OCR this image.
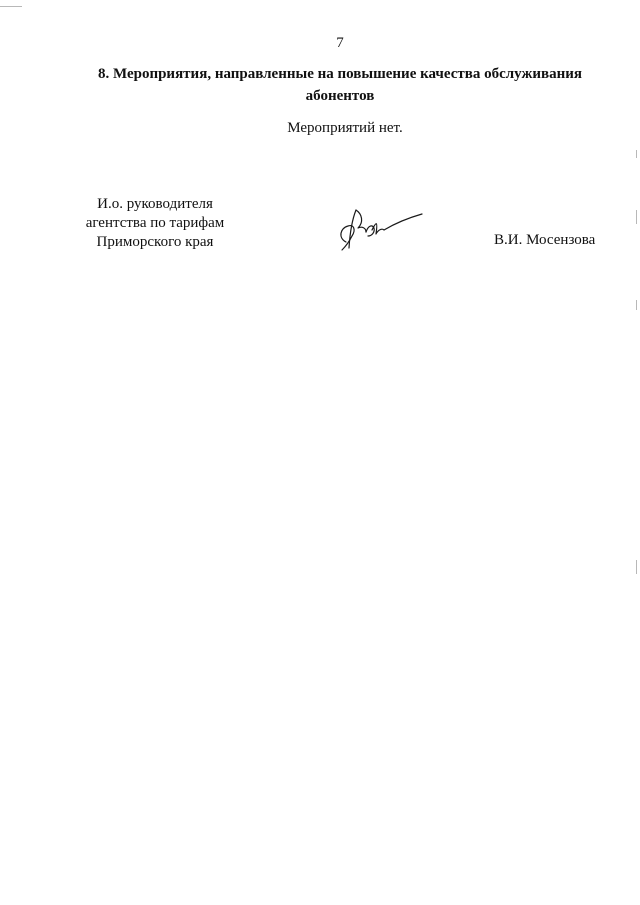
7
8. Мероприятия, направленные на повышение качества обслуживания
абонентов
Мероприятий нет.
И.о. руководителя
агентства по тарифам
Приморского края	В.И. Мосензова
